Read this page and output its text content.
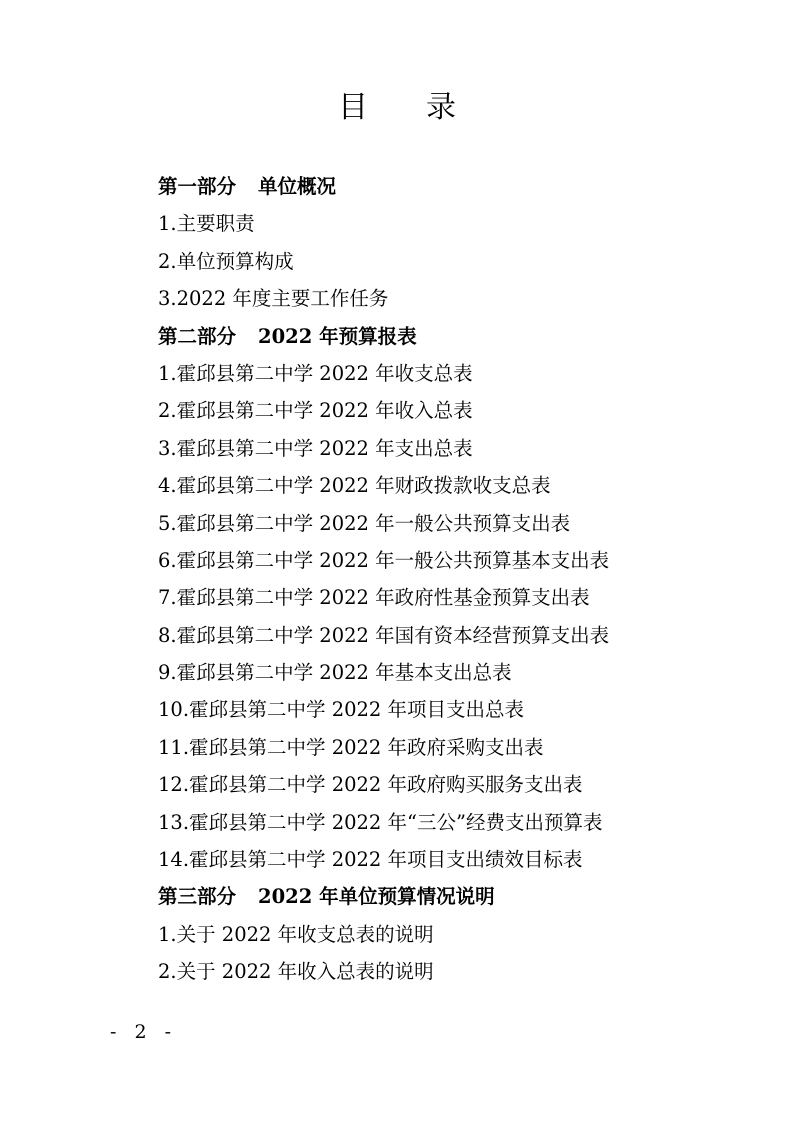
目录
第一部分 单位概况
1.主要职责
2.单位预算构成
3.2022 年度主要工作任务
第二部分 2022 年预算报表
1.霍邱县第二中学 2022 年收支总表
2.霍邱县第二中学 2022 年收入总表
3.霍邱县第二中学 2022 年支出总表
4.霍邱县第二中学 2022 年财政拨款收支总表
5.霍邱县第二中学 2022 年一般公共预算支出表
6.霍邱县第二中学 2022 年一般公共预算基本支出表
7.霍邱县第二中学 2022 年政府性基金预算支出表
8.霍邱县第二中学 2022 年国有资本经营预算支出表
9.霍邱县第二中学 2022 年基本支出总表
10.霍邱县第二中学 2022 年项目支出总表
11.霍邱县第二中学 2022 年政府采购支出表
12.霍邱县第二中学 2022 年政府购买服务支出表
13.霍邱县第二中学 2022 年“三公”经费支出预算表
14.霍邱县第二中学 2022 年项目支出绩效目标表
第三部分 2022 年单位预算情况说明
1.关于 2022 年收支总表的说明
2.关于 2022 年收入总表的说明
- 2 -
